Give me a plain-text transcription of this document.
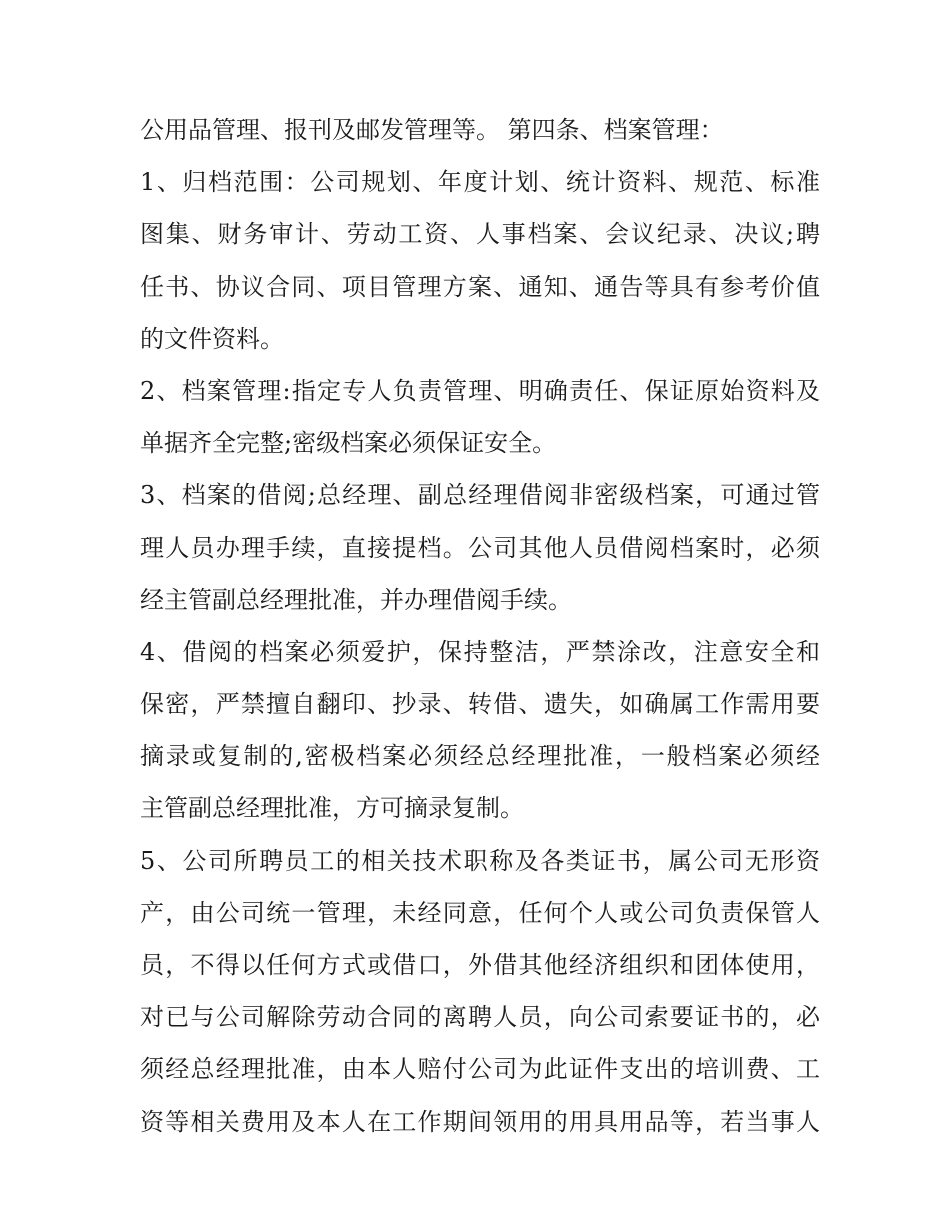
公用品管理、报刊及邮发管理等。 第四条、档案管理：
1、归档范围：公司规划、年度计划、统计资料、规范、标准
图集、财务审计、劳动工资、人事档案、会议纪录、决议;聘
任书、协议合同、项目管理方案、通知、通告等具有参考价值
的文件资料。
2、档案管理:指定专人负责管理、明确责任、保证原始资料及
单据齐全完整;密级档案必须保证安全。
3、档案的借阅;总经理、副总经理借阅非密级档案，可通过管
理人员办理手续，直接提档。公司其他人员借阅档案时，必须
经主管副总经理批准，并办理借阅手续。
4、借阅的档案必须爱护，保持整洁，严禁涂改，注意安全和
保密，严禁擅自翻印、抄录、转借、遗失，如确属工作需用要
摘录或复制的,密极档案必须经总经理批准，一般档案必须经
主管副总经理批准，方可摘录复制。
5、公司所聘员工的相关技术职称及各类证书，属公司无形资
产，由公司统一管理，未经同意，任何个人或公司负责保管人
员，不得以任何方式或借口，外借其他经济组织和团体使用，
对已与公司解除劳动合同的离聘人员，向公司索要证书的，必
须经总经理批准，由本人赔付公司为此证件支出的培训费、工
资等相关费用及本人在工作期间领用的用具用品等，若当事人
